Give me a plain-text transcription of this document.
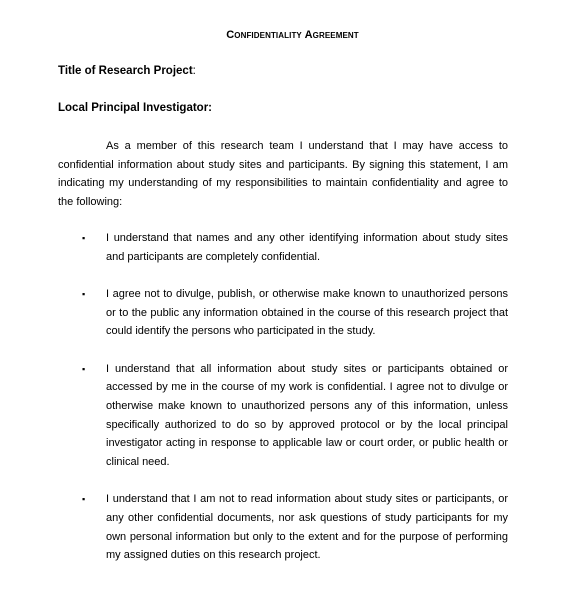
Confidentiality Agreement
Title of Research Project:
Local Principal Investigator:

As a member of this research team I understand that I may have access to confidential information about study sites and participants. By signing this statement, I am indicating my understanding of my responsibilities to maintain confidentiality and agree to the following:

▪	I understand that names and any other identifying information about study sites and participants are completely confidential.
▪	I agree not to divulge, publish, or otherwise make known to unauthorized persons or to the public any information obtained in the course of this research project that could identify the persons who participated in the study.
▪	I understand that all information about study sites or participants obtained or accessed by me in the course of my work is confidential. I agree not to divulge or otherwise make known to unauthorized persons any of this information, unless specifically authorized to do so by approved protocol or by the local principal investigator acting in response to applicable law or court order, or public health or clinical need.
▪	I understand that I am not to read information about study sites or participants, or any other confidential documents, nor ask questions of study participants for my own personal information but only to the extent and for the purpose of performing my assigned duties on this research project.
